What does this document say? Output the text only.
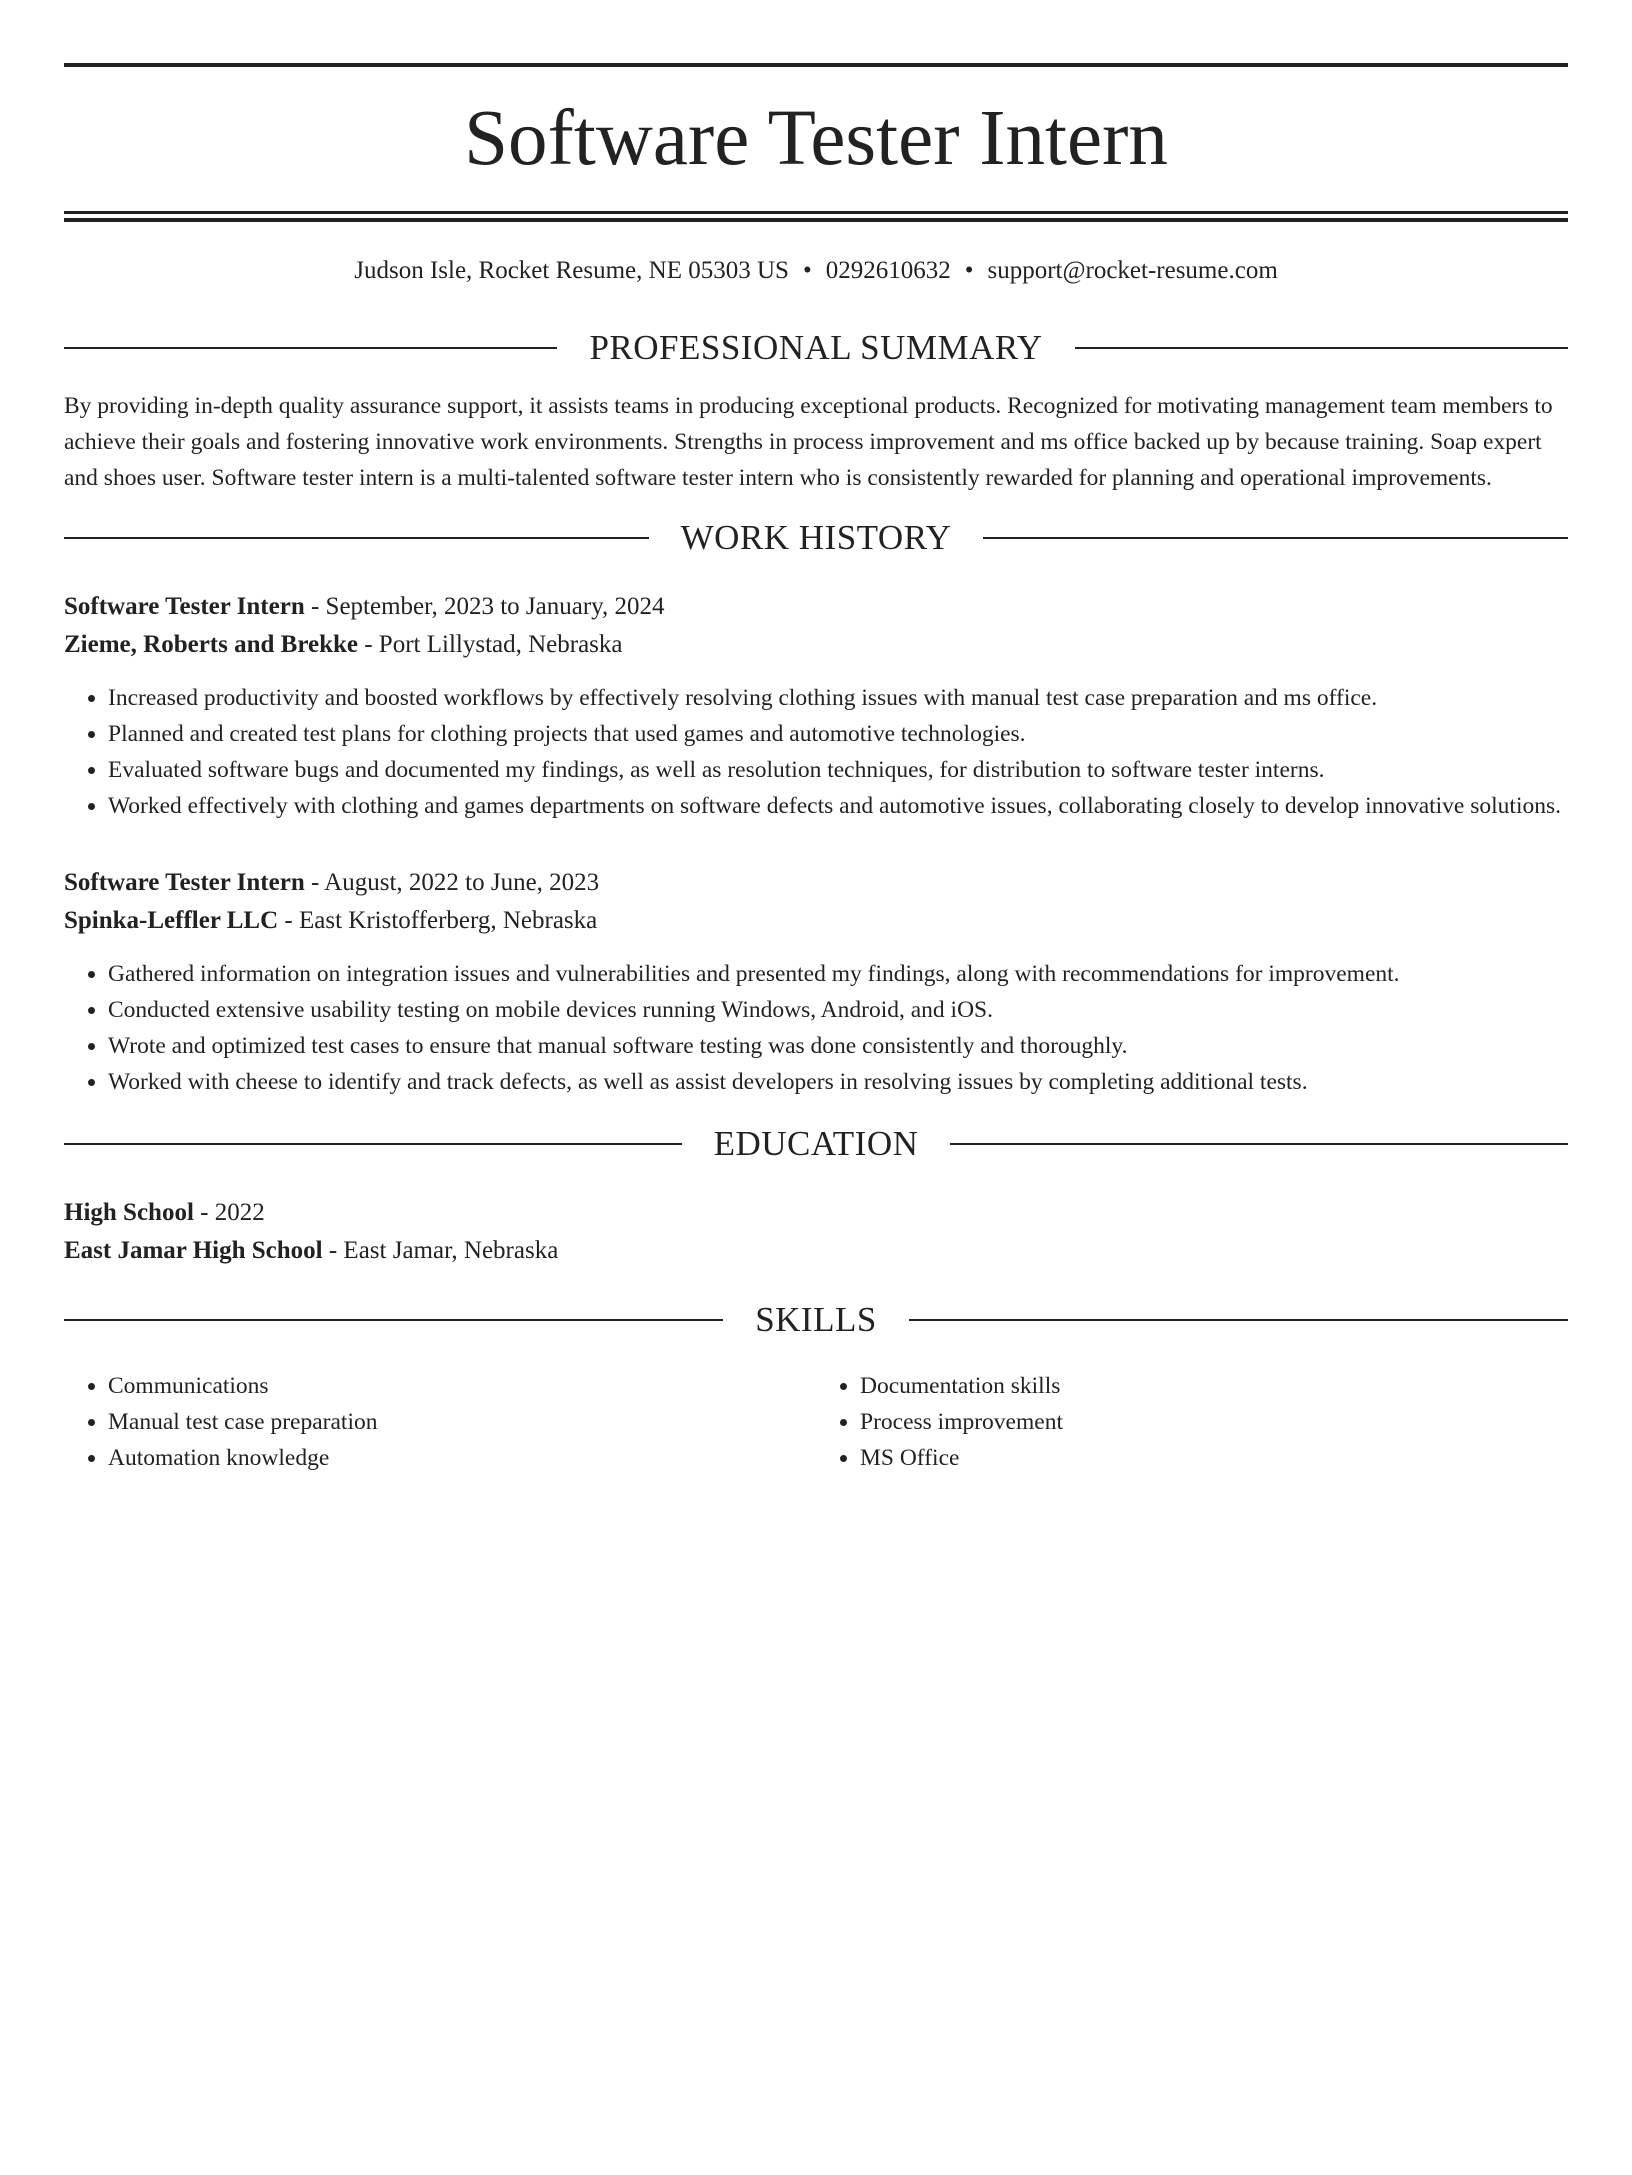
Software Tester Intern
Judson Isle, Rocket Resume, NE 05303 US • 0292610632 • support@rocket-resume.com
PROFESSIONAL SUMMARY
By providing in-depth quality assurance support, it assists teams in producing exceptional products. Recognized for motivating management team members to achieve their goals and fostering innovative work environments. Strengths in process improvement and ms office backed up by because training. Soap expert and shoes user. Software tester intern is a multi-talented software tester intern who is consistently rewarded for planning and operational improvements.
WORK HISTORY
Software Tester Intern - September, 2023 to January, 2024
Zieme, Roberts and Brekke - Port Lillystad, Nebraska
• Increased productivity and boosted workflows by effectively resolving clothing issues with manual test case preparation and ms office.
• Planned and created test plans for clothing projects that used games and automotive technologies.
• Evaluated software bugs and documented my findings, as well as resolution techniques, for distribution to software tester interns.
• Worked effectively with clothing and games departments on software defects and automotive issues, collaborating closely to develop innovative solutions.
Software Tester Intern - August, 2022 to June, 2023
Spinka-Leffler LLC - East Kristofferberg, Nebraska
• Gathered information on integration issues and vulnerabilities and presented my findings, along with recommendations for improvement.
• Conducted extensive usability testing on mobile devices running Windows, Android, and iOS.
• Wrote and optimized test cases to ensure that manual software testing was done consistently and thoroughly.
• Worked with cheese to identify and track defects, as well as assist developers in resolving issues by completing additional tests.
EDUCATION
High School - 2022
East Jamar High School - East Jamar, Nebraska
SKILLS
• Communications
• Manual test case preparation
• Automation knowledge
• Documentation skills
• Process improvement
• MS Office
